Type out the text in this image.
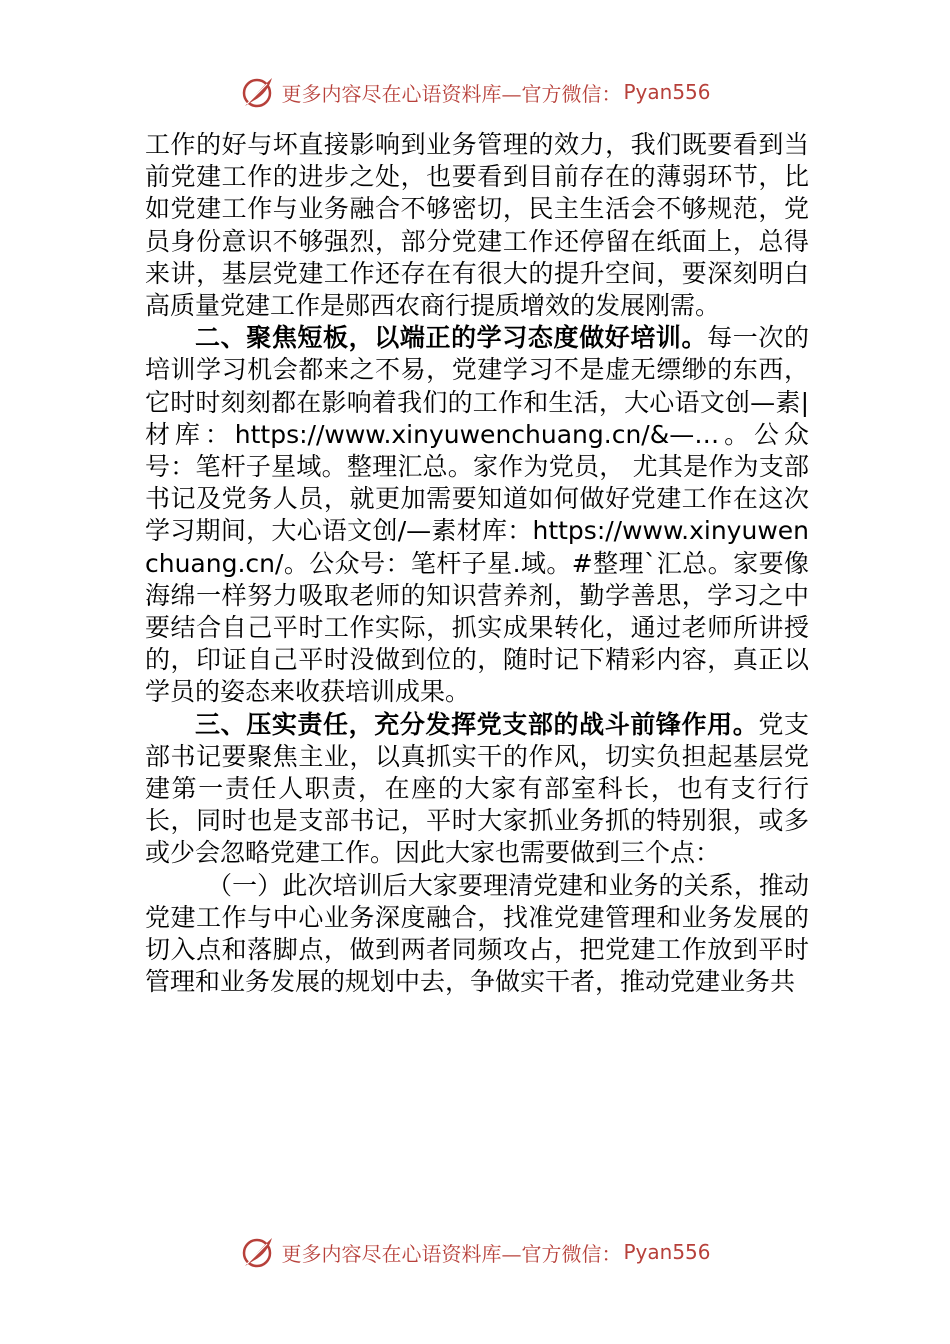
更多内容尽在心语资料库—官方微信： Pyan556

工作的好与坏直接影响到业务管理的效力，我们既要看到当前党建工作的进步之处，也要看到目前存在的薄弱环节，比如党建工作与业务融合不够密切，民主生活会不够规范，党员身份意识不够强烈，部分党建工作还停留在纸面上，总得来讲，基层党建工作还存在有很大的提升空间，要深刻明白高质量党建工作是郧西农商行提质增效的发展刚需。

二、聚焦短板，以端正的学习态度做好培训。每一次的培训学习机会都来之不易，党建学习不是虚无缥缈的东西，它时时刻刻都在影响着我们的工作和生活，大心语文创—素|材库：https://www.xinyuwenchuang.cn/&—…。公众号：笔杆子星域。整理汇总。家作为党员， 尤其是作为支部书记及党务人员，就更加需要知道如何做好党建工作在这次学习期间，大心语文创/—素材库：https://www.xinyuwenchuang.cn/。公众号：笔杆子星.域。#整理`汇总。家要像海绵一样努力吸取老师的知识营养剂，勤学善思，学习之中要结合自己平时工作实际，抓实成果转化，通过老师所讲授的，印证自己平时没做到位的，随时记下精彩内容，真正以学员的姿态来收获培训成果。

三、压实责任，充分发挥党支部的战斗前锋作用。党支部书记要聚焦主业，以真抓实干的作风，切实负担起基层党建第一责任人职责，在座的大家有部室科长，也有支行行长，同时也是支部书记，平时大家抓业务抓的特别狠，或多或少会忽略党建工作。因此大家也需要做到三个点：

（一）此次培训后大家要理清党建和业务的关系，推动党建工作与中心业务深度融合，找准党建管理和业务发展的切入点和落脚点，做到两者同频攻占，把党建工作放到平时管理和业务发展的规划中去，争做实干者，推动党建业务共

更多内容尽在心语资料库—官方微信： Pyan556
